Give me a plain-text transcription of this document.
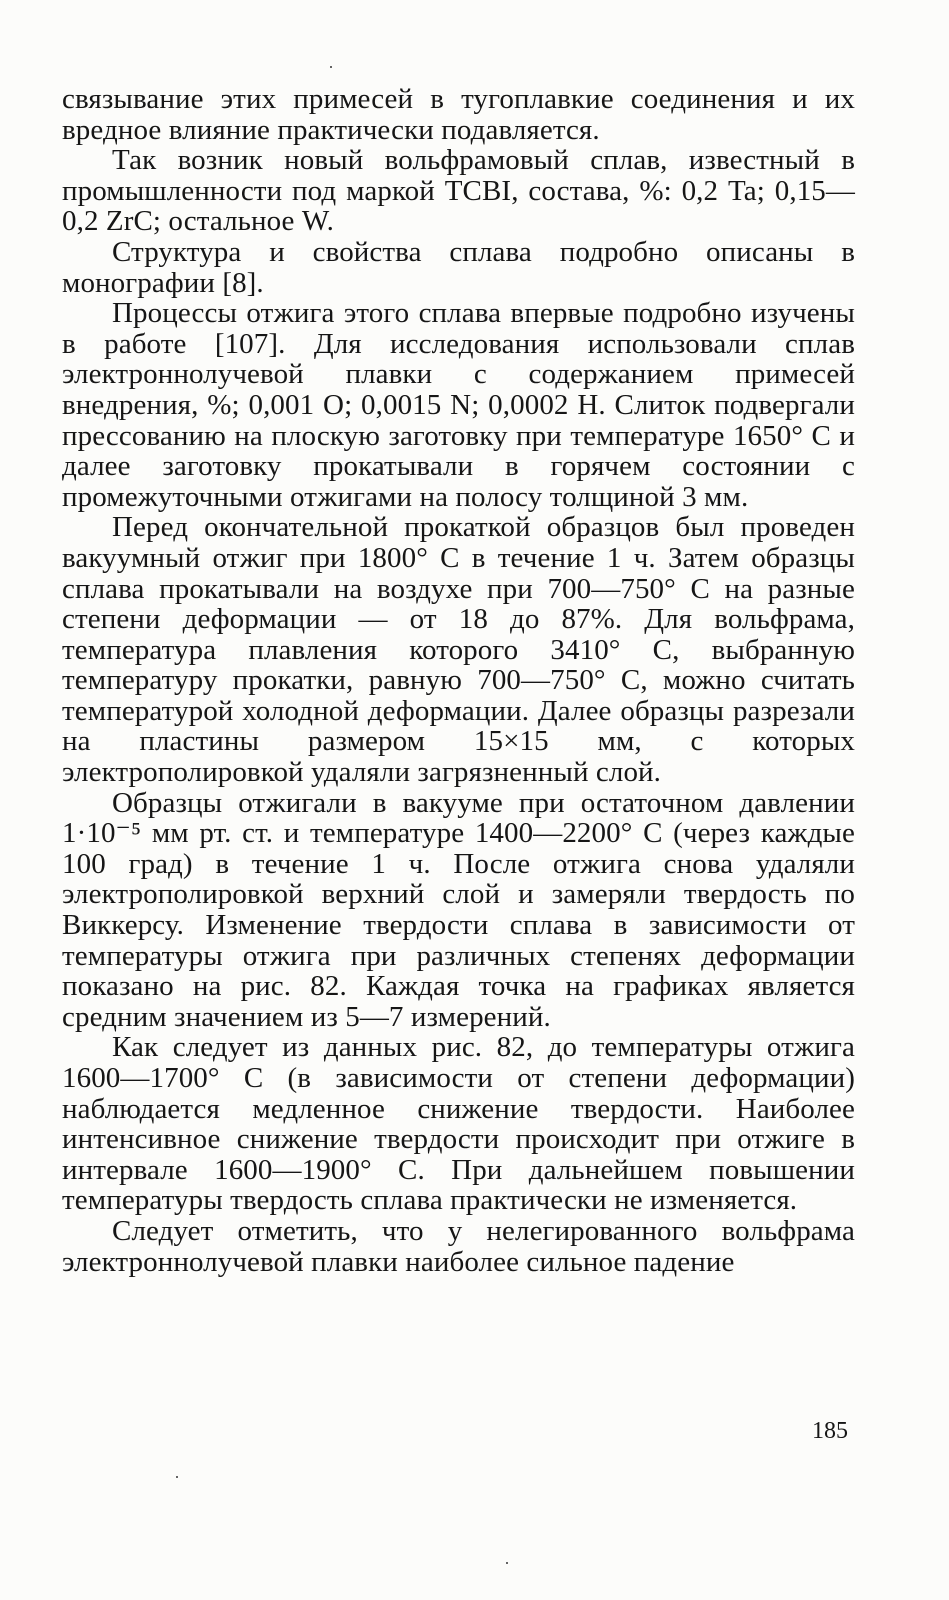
связывание этих примесей в тугоплавкие соединения и их вредное влияние практически подавляется.

Так возник новый вольфрамовый сплав, известный в промышленности под маркой ТСВI, состава, %: 0,2 Ta; 0,15—0,2 ZrC; остальное W.

Структура и свойства сплава подробно описаны в монографии [8].

Процессы отжига этого сплава впервые подробно изучены в работе [107]. Для исследования использовали сплав электроннолучевой плавки с содержанием примесей внедрения, %; 0,001 O; 0,0015 N; 0,0002 H. Слиток подвергали прессованию на плоскую заготовку при температуре 1650° C и далее заготовку прокатывали в горячем состоянии с промежуточными отжигами на полосу толщиной 3 мм.

Перед окончательной прокаткой образцов был проведен вакуумный отжиг при 1800° C в течение 1 ч. Затем образцы сплава прокатывали на воздухе при 700—750° C на разные степени деформации — от 18 до 87%. Для вольфрама, температура плавления которого 3410° C, выбранную температуру прокатки, равную 700—750° C, можно считать температурой холодной деформации. Далее образцы разрезали на пластины размером 15×15 мм, с которых электрополировкой удаляли загрязненный слой.

Образцы отжигали в вакууме при остаточном давлении 1·10⁻⁵ мм рт. ст. и температуре 1400—2200° C (через каждые 100 град) в течение 1 ч. После отжига снова удаляли электрополировкой верхний слой и замеряли твердость по Виккерсу. Изменение твердости сплава в зависимости от температуры отжига при различных степенях деформации показано на рис. 82. Каждая точка на графиках является средним значением из 5—7 измерений.

Как следует из данных рис. 82, до температуры отжига 1600—1700° C (в зависимости от степени деформации) наблюдается медленное снижение твердости. Наиболее интенсивное снижение твердости происходит при отжиге в интервале 1600—1900° C. При дальнейшем повышении температуры твердость сплава практически не изменяется.

Следует отметить, что у нелегированного вольфрама электроннолучевой плавки наиболее сильное падение

185
